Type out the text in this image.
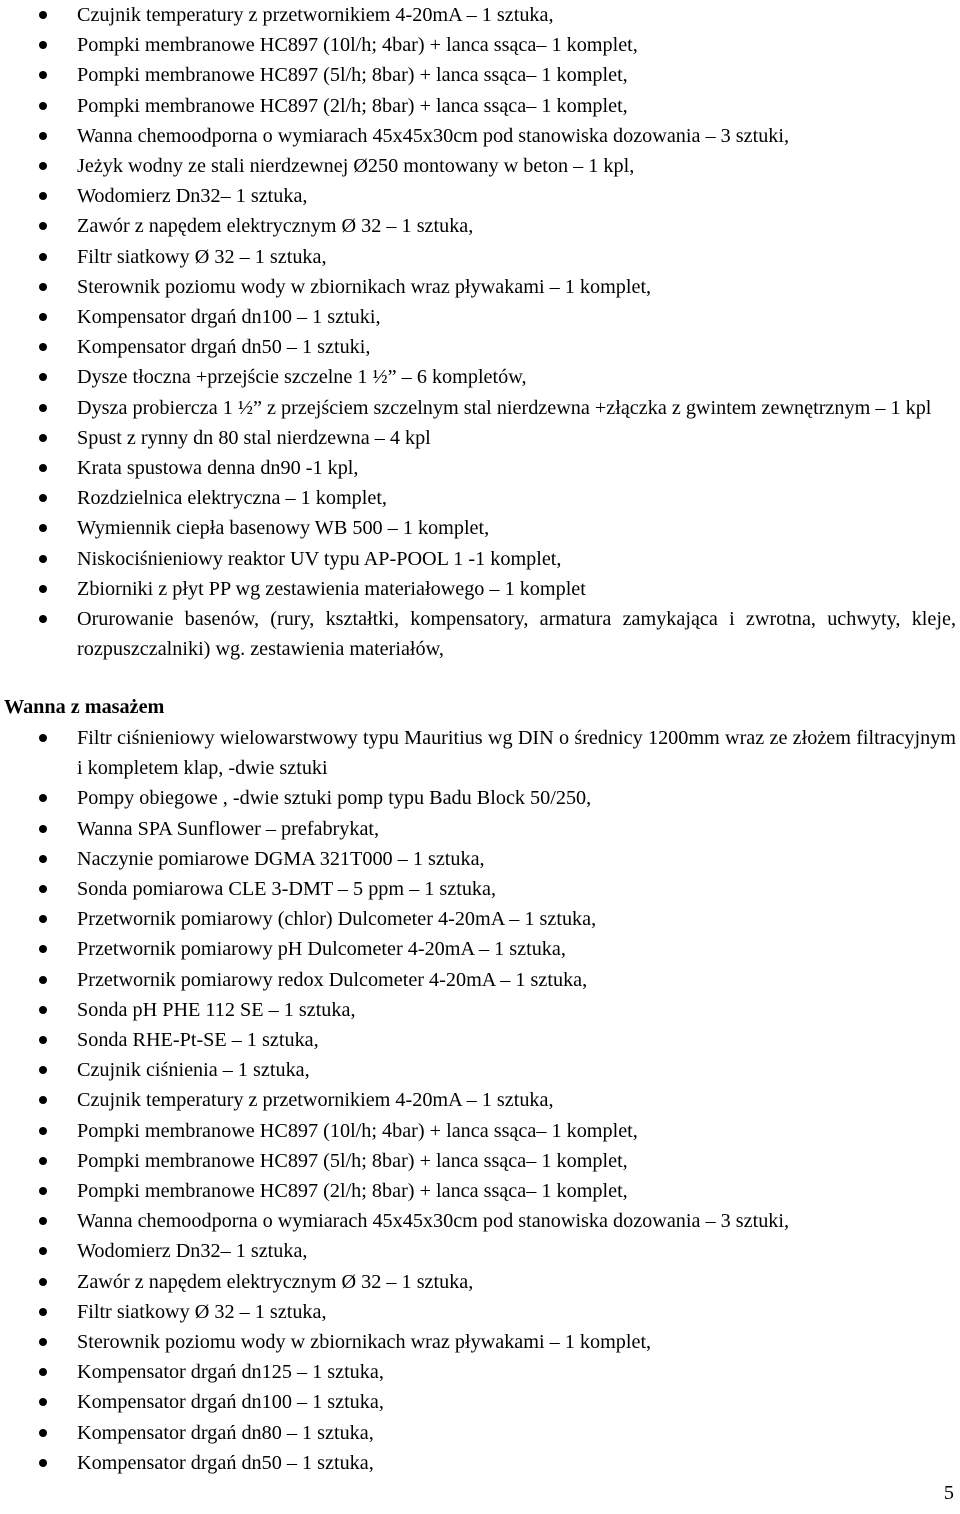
Czujnik temperatury z przetwornikiem 4-20mA – 1 sztuka,
Pompki membranowe HC897 (10l/h; 4bar) + lanca ssąca– 1 komplet,
Pompki membranowe HC897 (5l/h; 8bar) + lanca ssąca– 1 komplet,
Pompki membranowe HC897 (2l/h; 8bar) + lanca ssąca– 1 komplet,
Wanna chemoodporna o wymiarach 45x45x30cm pod stanowiska dozowania – 3 sztuki,
Jeżyk wodny ze stali nierdzewnej Ø250 montowany w beton – 1 kpl,
Wodomierz Dn32– 1 sztuka,
Zawór z napędem elektrycznym Ø 32 – 1 sztuka,
Filtr siatkowy Ø 32 – 1 sztuka,
Sterownik poziomu wody w zbiornikach wraz pływakami – 1 komplet,
Kompensator drgań dn100 – 1 sztuki,
Kompensator drgań dn50 – 1 sztuki,
Dysze tłoczna +przejście szczelne 1 ½” – 6 kompletów,
Dysza probiercza 1 ½” z przejściem szczelnym stal nierdzewna +złączka z gwintem zewnętrznym – 1 kpl
Spust z rynny dn 80 stal nierdzewna – 4 kpl
Krata spustowa denna dn90 -1 kpl,
Rozdzielnica elektryczna – 1 komplet,
Wymiennik ciepła basenowy WB 500 – 1 komplet,
Niskociśnieniowy reaktor UV typu AP-POOL 1 -1 komplet,
Zbiorniki z płyt PP wg zestawienia materiałowego – 1 komplet
Orurowanie basenów, (rury, kształtki, kompensatory, armatura zamykająca i zwrotna, uchwyty, kleje, rozpuszczalniki) wg. zestawienia materiałów,
Wanna z masażem
Filtr ciśnieniowy wielowarstwowy typu Mauritius wg DIN o średnicy 1200mm wraz ze złożem filtracyjnym i kompletem klap, -dwie sztuki
Pompy obiegowe , -dwie sztuki pomp typu Badu Block 50/250,
Wanna SPA Sunflower – prefabrykat,
Naczynie pomiarowe DGMA 321T000 – 1 sztuka,
Sonda pomiarowa CLE 3-DMT – 5 ppm – 1 sztuka,
Przetwornik pomiarowy (chlor) Dulcometer 4-20mA – 1 sztuka,
Przetwornik pomiarowy pH Dulcometer 4-20mA – 1 sztuka,
Przetwornik pomiarowy redox Dulcometer 4-20mA – 1 sztuka,
Sonda pH PHE 112 SE – 1 sztuka,
Sonda RHE-Pt-SE – 1 sztuka,
Czujnik ciśnienia – 1 sztuka,
Czujnik temperatury z przetwornikiem 4-20mA – 1 sztuka,
Pompki membranowe HC897 (10l/h; 4bar) + lanca ssąca– 1 komplet,
Pompki membranowe HC897 (5l/h; 8bar) + lanca ssąca– 1 komplet,
Pompki membranowe HC897 (2l/h; 8bar) + lanca ssąca– 1 komplet,
Wanna chemoodporna o wymiarach 45x45x30cm pod stanowiska dozowania – 3 sztuki,
Wodomierz Dn32– 1 sztuka,
Zawór z napędem elektrycznym Ø 32 – 1 sztuka,
Filtr siatkowy Ø 32 – 1 sztuka,
Sterownik poziomu wody w zbiornikach wraz pływakami – 1 komplet,
Kompensator drgań dn125 – 1 sztuka,
Kompensator drgań dn100 – 1 sztuka,
Kompensator drgań dn80 – 1 sztuka,
Kompensator drgań dn50 – 1 sztuka,
5
